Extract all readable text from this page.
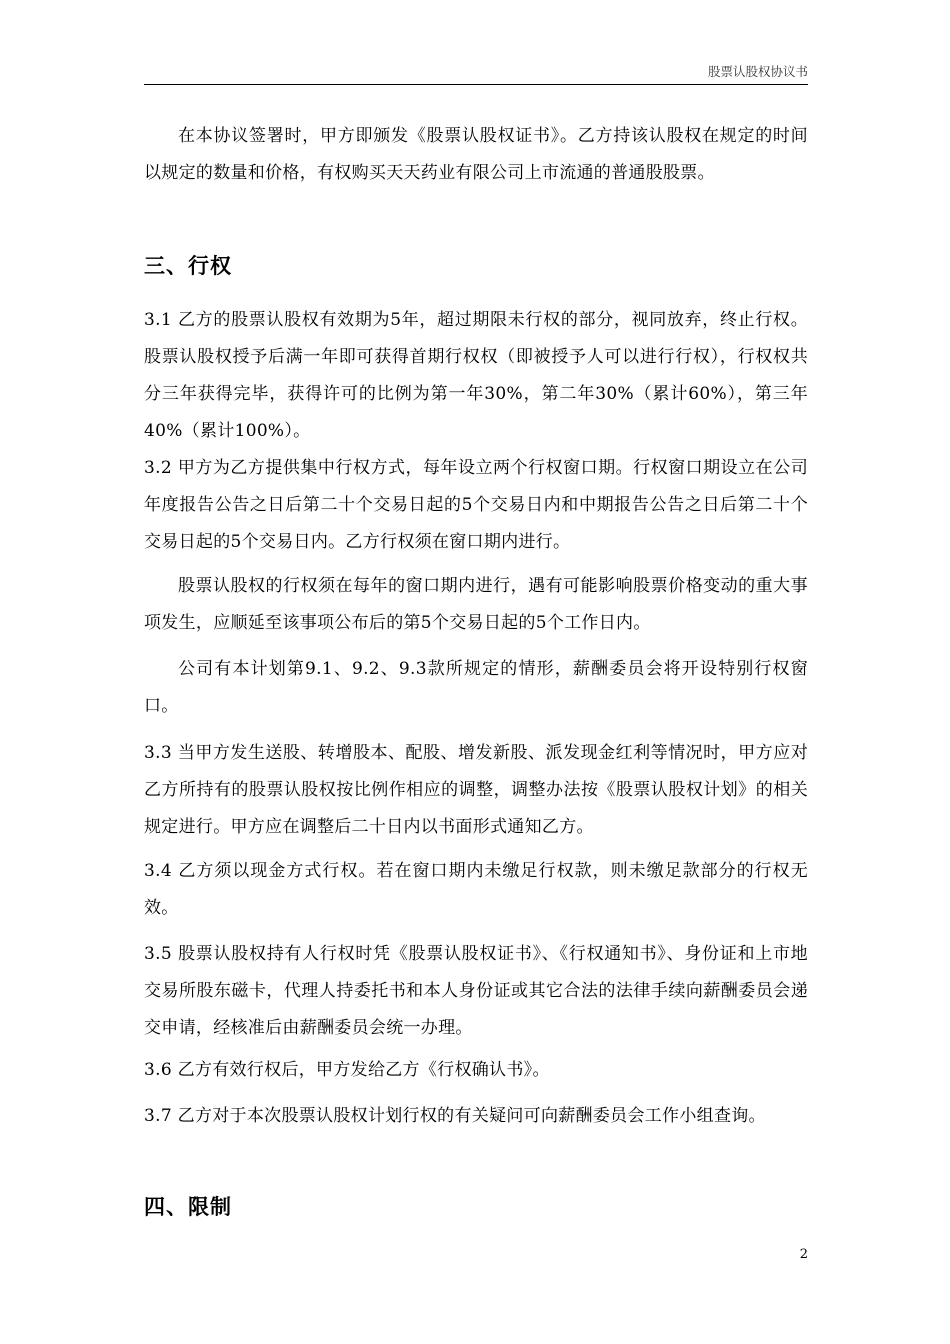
股票认股权协议书

在本协议签署时，甲方即颁发《股票认股权证书》。乙方持该认股权在规定的时间以规定的数量和价格，有权购买天天药业有限公司上市流通的普通股股票。

三、行权

3.1 乙方的股票认股权有效期为5年，超过期限未行权的部分，视同放弃，终止行权。股票认股权授予后满一年即可获得首期行权权（即被授予人可以进行行权），行权权共分三年获得完毕，获得许可的比例为第一年30%，第二年30%（累计60%），第三年40%（累计100%）。

3.2 甲方为乙方提供集中行权方式，每年设立两个行权窗口期。行权窗口期设立在公司年度报告公告之日后第二十个交易日起的5个交易日内和中期报告公告之日后第二十个交易日起的5个交易日内。乙方行权须在窗口期内进行。

股票认股权的行权须在每年的窗口期内进行，遇有可能影响股票价格变动的重大事项发生，应顺延至该事项公布后的第5个交易日起的5个工作日内。

公司有本计划第9.1、9.2、9.3款所规定的情形，薪酬委员会将开设特别行权窗口。

3.3 当甲方发生送股、转增股本、配股、增发新股、派发现金红利等情况时，甲方应对乙方所持有的股票认股权按比例作相应的调整，调整办法按《股票认股权计划》的相关规定进行。甲方应在调整后二十日内以书面形式通知乙方。

3.4 乙方须以现金方式行权。若在窗口期内未缴足行权款，则未缴足款部分的行权无效。

3.5 股票认股权持有人行权时凭《股票认股权证书》、《行权通知书》、身份证和上市地交易所股东磁卡，代理人持委托书和本人身份证或其它合法的法律手续向薪酬委员会递交申请，经核准后由薪酬委员会统一办理。

3.6 乙方有效行权后，甲方发给乙方《行权确认书》。

3.7 乙方对于本次股票认股权计划行权的有关疑问可向薪酬委员会工作小组查询。

四、限制
2
